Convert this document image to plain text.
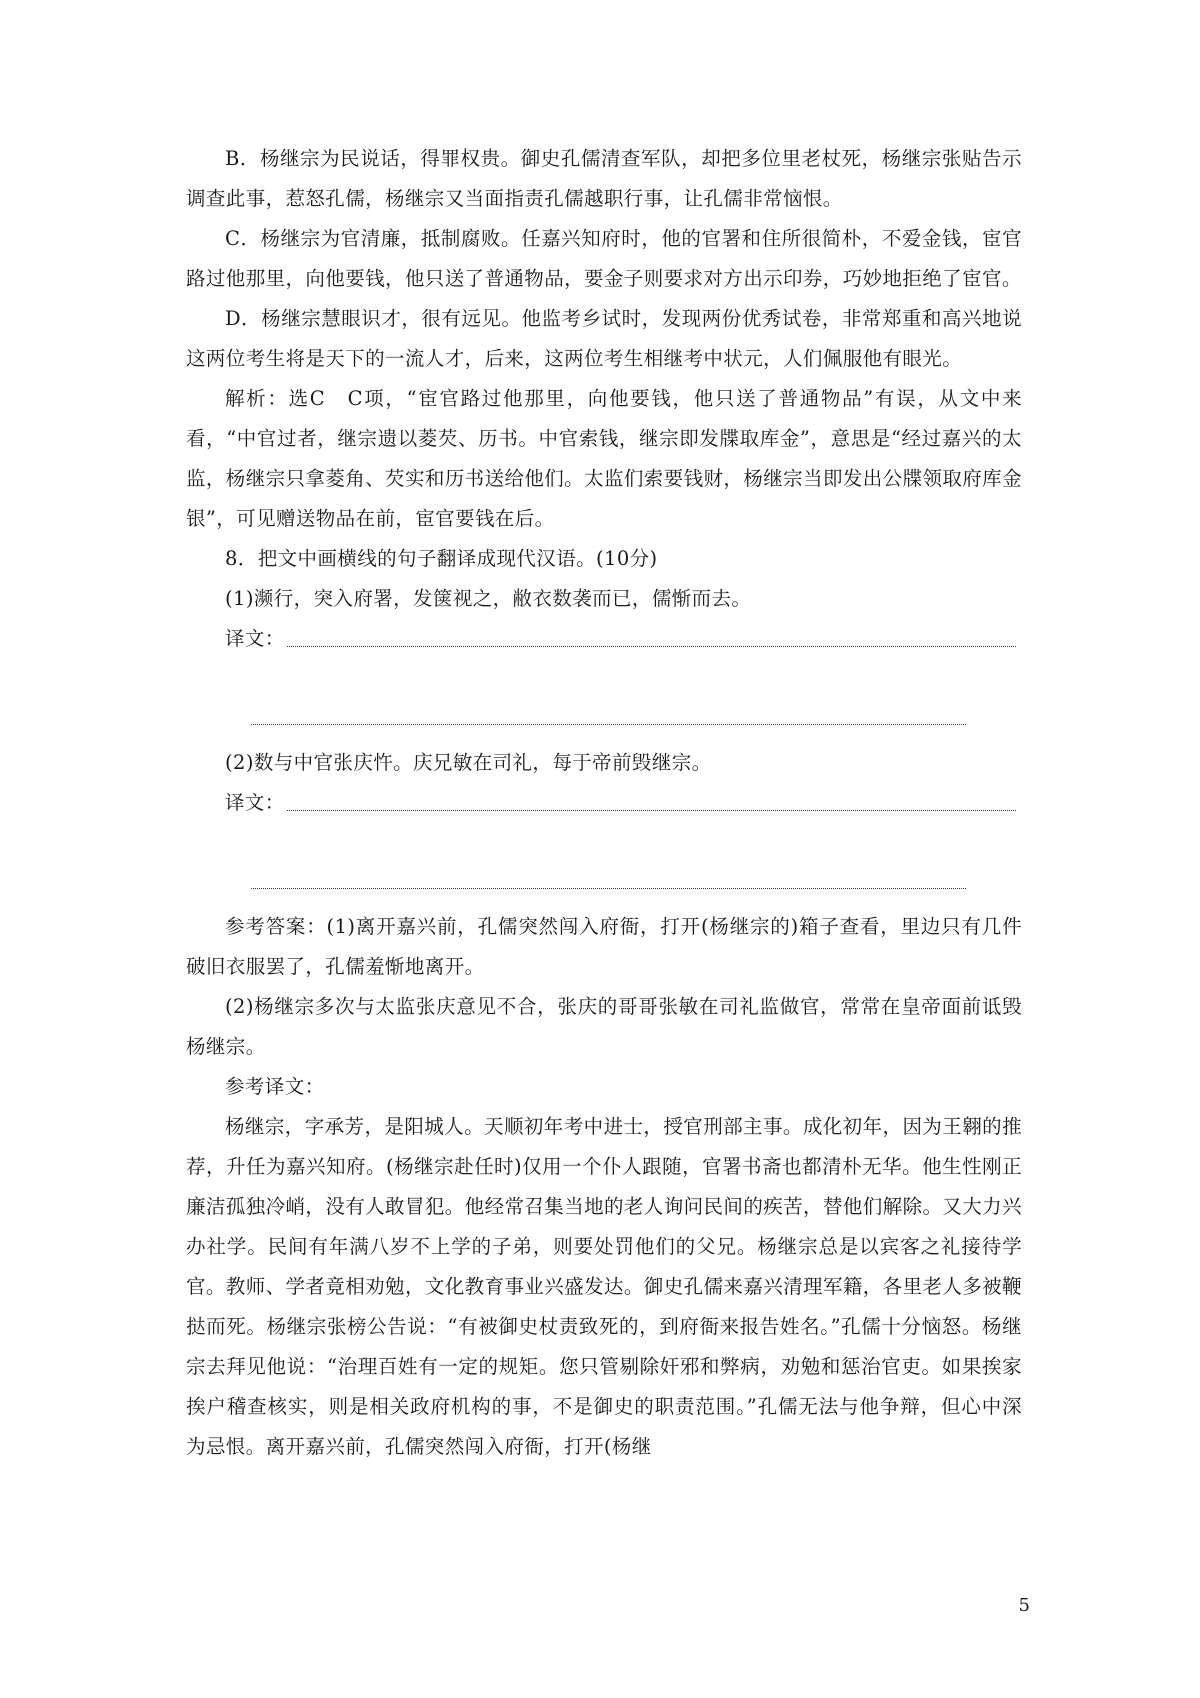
B．杨继宗为民说话，得罪权贵。御史孔儒清查军队，却把多位里老杖死，杨继宗张贴告示调查此事，惹怒孔儒，杨继宗又当面指责孔儒越职行事，让孔儒非常恼恨。

C．杨继宗为官清廉，抵制腐败。任嘉兴知府时，他的官署和住所很简朴，不爱金钱，宦官路过他那里，向他要钱，他只送了普通物品，要金子则要求对方出示印券，巧妙地拒绝了宦官。

D．杨继宗慧眼识才，很有远见。他监考乡试时，发现两份优秀试卷，非常郑重和高兴地说这两位考生将是天下的一流人才，后来，这两位考生相继考中状元，人们佩服他有眼光。

解析：选C　C项，“宦官路过他那里，向他要钱，他只送了普通物品”有误，从文中来看，“中官过者，继宗遗以菱芡、历书。中官索钱，继宗即发牒取库金”，意思是“经过嘉兴的太监，杨继宗只拿菱角、芡实和历书送给他们。太监们索要钱财，杨继宗当即发出公牒领取府库金银”，可见赠送物品在前，宦官要钱在后。

8．把文中画横线的句子翻译成现代汉语。(10分)

(1)濒行，突入府署，发箧视之，敝衣数袭而已，儒惭而去。

译文：

(2)数与中官张庆忤。庆兄敏在司礼，每于帝前毁继宗。

译文：

参考答案：(1)离开嘉兴前，孔儒突然闯入府衙，打开(杨继宗的)箱子查看，里边只有几件破旧衣服罢了，孔儒羞惭地离开。

(2)杨继宗多次与太监张庆意见不合，张庆的哥哥张敏在司礼监做官，常常在皇帝面前诋毁杨继宗。

参考译文：

杨继宗，字承芳，是阳城人。天顺初年考中进士，授官刑部主事。成化初年，因为王翱的推荐，升任为嘉兴知府。(杨继宗赴任时)仅用一个仆人跟随，官署书斋也都清朴无华。他生性刚正廉洁孤独冷峭，没有人敢冒犯。他经常召集当地的老人询问民间的疾苦，替他们解除。又大力兴办社学。民间有年满八岁不上学的子弟，则要处罚他们的父兄。杨继宗总是以宾客之礼接待学官。教师、学者竟相劝勉，文化教育事业兴盛发达。御史孔儒来嘉兴清理军籍，各里老人多被鞭挞而死。杨继宗张榜公告说：“有被御史杖责致死的，到府衙来报告姓名。”孔儒十分恼怒。杨继宗去拜见他说：“治理百姓有一定的规矩。您只管剔除奸邪和弊病，劝勉和惩治官吏。如果挨家挨户稽查核实，则是相关政府机构的事，不是御史的职责范围。”孔儒无法与他争辩，但心中深为忌恨。离开嘉兴前，孔儒突然闯入府衙，打开(杨继

5
